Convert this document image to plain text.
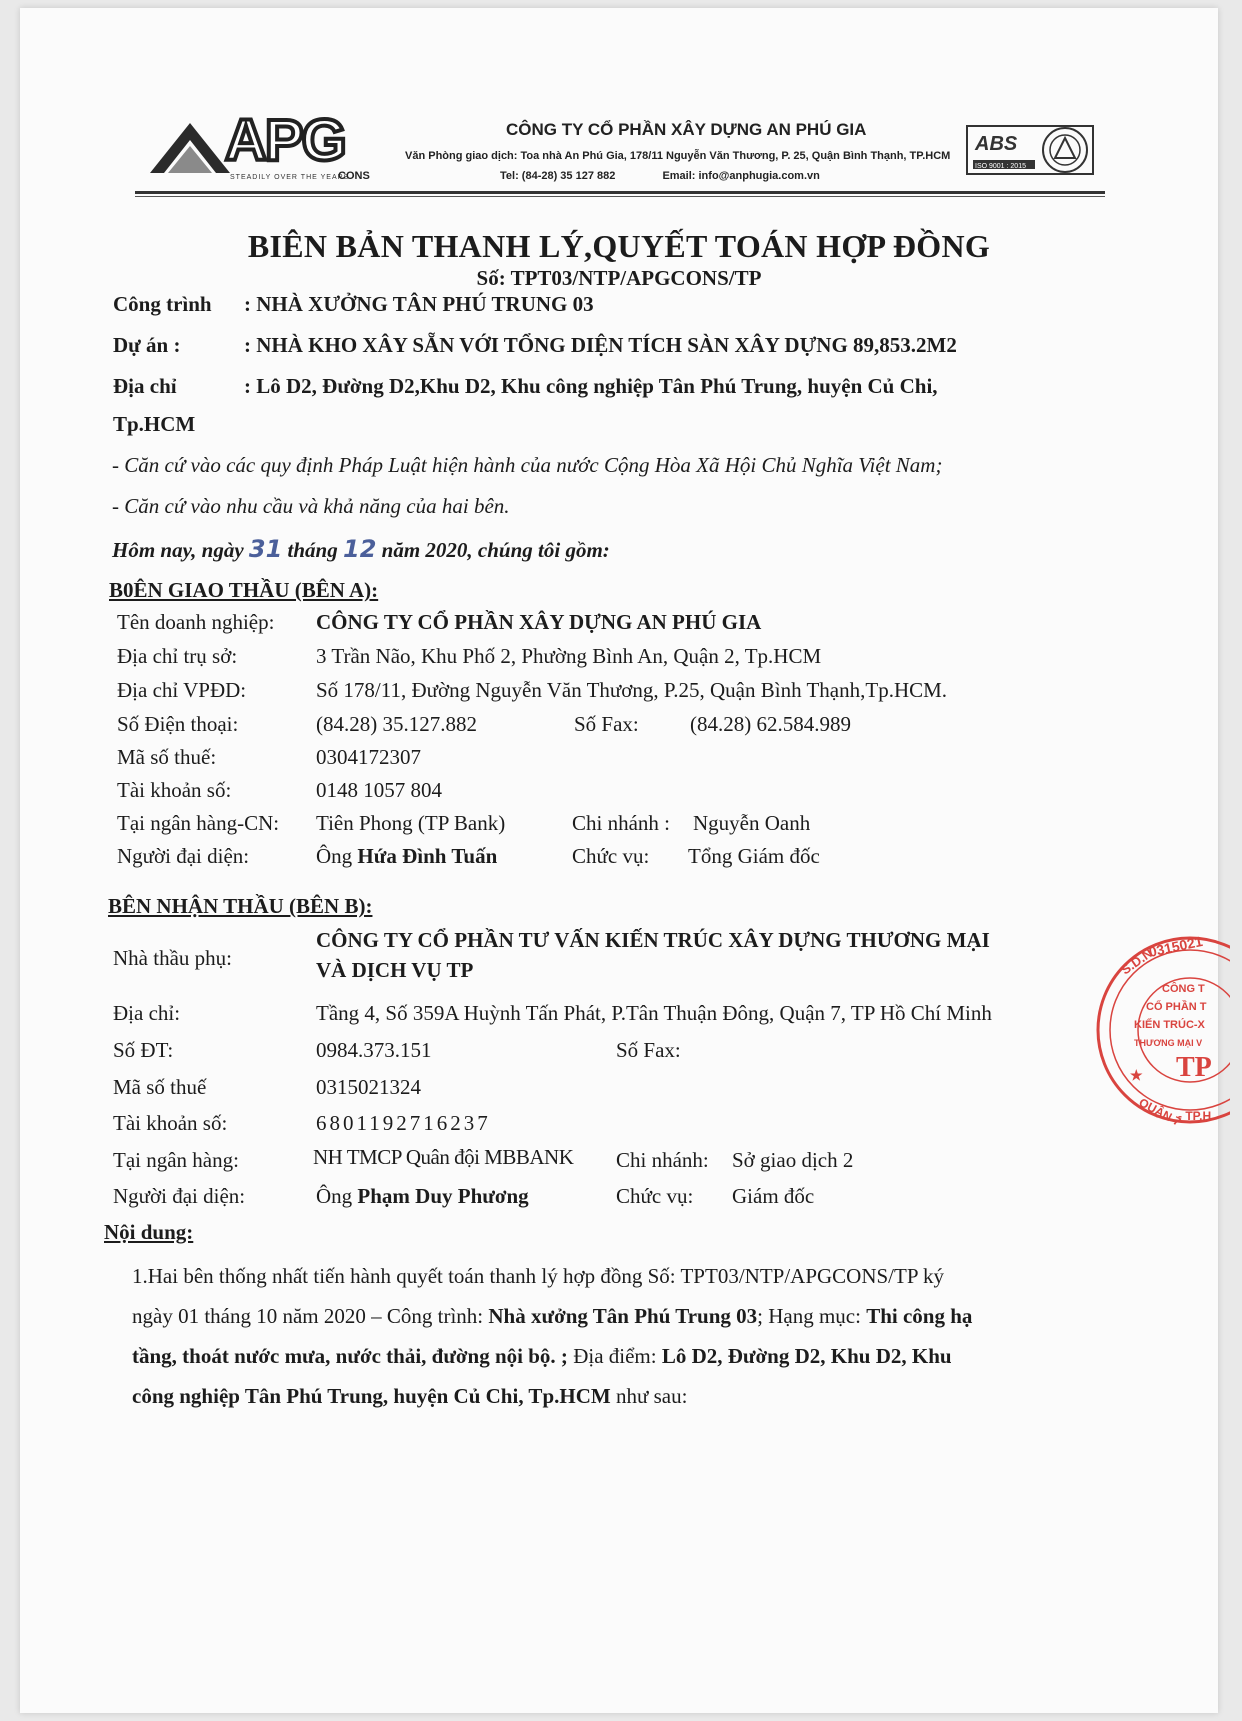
APG
STEADILY OVER THE YEARS
CONS
CÔNG TY CỔ PHẦN XÂY DỰNG AN PHÚ GIA
Văn Phòng giao dịch: Toa nhà An Phú Gia, 178/11 Nguyễn Văn Thương, P. 25, Quận Bình Thạnh, TP.HCM
Tel: (84-28) 35 127 882	Email: info@anphugia.com.vn
ABS
ISO 9001 : 2015
BIÊN BẢN THANH LÝ,QUYẾT TOÁN HỢP ĐỒNG
Số: TPT03/NTP/APGCONS/TP
Công trình : NHÀ XƯỞNG TÂN PHÚ TRUNG 03
Dự án :	: NHÀ KHO XÂY SẴN VỚI TỔNG DIỆN TÍCH SÀN XÂY DỰNG 89,853.2M2
Địa chỉ	: Lô D2, Đường D2,Khu D2, Khu công nghiệp Tân Phú Trung, huyện Củ Chi,
Tp.HCM
- Căn cứ vào các quy định Pháp Luật hiện hành của nước Cộng Hòa Xã Hội Chủ Nghĩa Việt Nam;
- Căn cứ vào nhu cầu và khả năng của hai bên.
Hôm nay, ngày 31 tháng 12 năm 2020, chúng tôi gồm:
B0ÊN GIAO THẦU (BÊN A):
Tên doanh nghiệp: CÔNG TY CỔ PHẦN XÂY DỰNG AN PHÚ GIA
Địa chỉ trụ sở:	3 Trần Não, Khu Phố 2, Phường Bình An, Quận 2, Tp.HCM
Địa chỉ VPĐD:	Số 178/11, Đường Nguyễn Văn Thương, P.25, Quận Bình Thạnh,Tp.HCM.
Số Điện thoại:	(84.28) 35.127.882	Số Fax: (84.28) 62.584.989
Mã số thuế:	0304172307
Tài khoản số:	0148 1057 804
Tại ngân hàng-CN: Tiên Phong (TP Bank)	Chi nhánh : Nguyễn Oanh
Người đại diện:	Ông Hứa Đình Tuấn	Chức vụ: Tổng Giám đốc
BÊN NHẬN THẦU (BÊN B):
Nhà thầu phụ:
CÔNG TY CỔ PHẦN TƯ VẤN KIẾN TRÚC XÂY DỰNG THƯƠNG MẠI
VÀ DỊCH VỤ TP
Địa chỉ:	Tầng 4, Số 359A Huỳnh Tấn Phát, P.Tân Thuận Đông, Quận 7, TP Hồ Chí Minh
Số ĐT:	0984.373.151	Số Fax:
Mã số thuế	0315021324
Tài khoản số:	6801192716237
Tại ngân hàng:	NH TMCP Quân đội MBBANK Chi nhánh: Sở giao dịch 2
Người đại diện:	Ông Phạm Duy Phương	Chức vụ: Giám đốc
S.D.N
0315021
CÔNG T
CỔ PHẦN T
KIẾN TRÚC-X
THƯƠNG MẠI V
TP
★
QUẬN 7
- TP.H
Nội dung:
1.Hai bên thống nhất tiến hành quyết toán thanh lý hợp đồng Số: TPT03/NTP/APGCONS/TP ký
ngày 01 tháng 10 năm 2020 – Công trình: Nhà xưởng Tân Phú Trung 03; Hạng mục: Thi công hạ
tầng, thoát nước mưa, nước thải, đường nội bộ. ; Địa điểm: Lô D2, Đường D2, Khu D2, Khu
công nghiệp Tân Phú Trung, huyện Củ Chi, Tp.HCM như sau:
